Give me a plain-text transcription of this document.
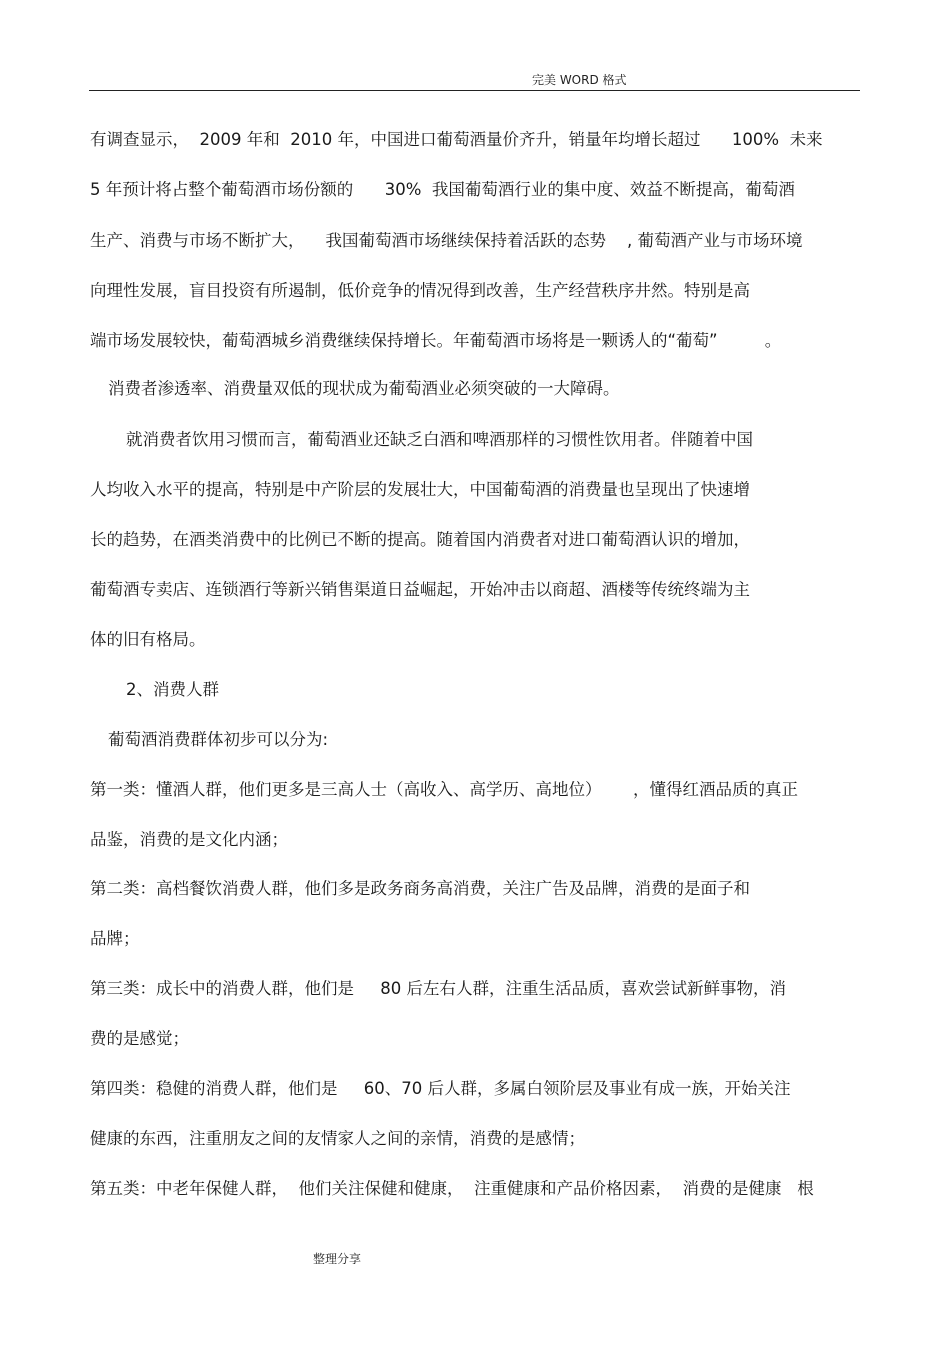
完美 WORD 格式
有调查显示，  2009 年和  2010 年，中国进口葡萄酒量价齐升，销量年均增长超过      100%  未来
5 年预计将占整个葡萄酒市场份额的      30%  我国葡萄酒行业的集中度、效益不断提高，葡萄酒
生产、消费与市场不断扩大，    我国葡萄酒市场继续保持着活跃的态势    , 葡萄酒产业与市场环境
向理性发展，盲目投资有所遏制，低价竞争的情况得到改善，生产经营秩序井然。特别是高
端市场发展较快，葡萄酒城乡消费继续保持增长。年葡萄酒市场将是一颗诱人的“葡萄”         。
消费者渗透率、消费量双低的现状成为葡萄酒业必须突破的一大障碍。
就消费者饮用习惯而言，葡萄酒业还缺乏白酒和啤酒那样的习惯性饮用者。伴随着中国
人均收入水平的提高，特别是中产阶层的发展壮大，中国葡萄酒的消费量也呈现出了快速增
长的趋势，在酒类消费中的比例已不断的提高。随着国内消费者对进口葡萄酒认识的增加，
葡萄酒专卖店、连锁酒行等新兴销售渠道日益崛起，开始冲击以商超、酒楼等传统终端为主
体的旧有格局。
2、消费人群
葡萄酒消费群体初步可以分为:
第一类：懂酒人群，他们更多是三高人士（高收入、高学历、高地位）      ，懂得红酒品质的真正
品鉴，消费的是文化内涵；
第二类：高档餐饮消费人群，他们多是政务商务高消费，关注广告及品牌，消费的是面子和
品牌；
第三类：成长中的消费人群，他们是     80 后左右人群，注重生活品质，喜欢尝试新鲜事物，消
费的是感觉；
第四类：稳健的消费人群，他们是     60、70 后人群，多属白领阶层及事业有成一族，开始关注
健康的东西，注重朋友之间的友情家人之间的亲情，消费的是感情；
第五类：中老年保健人群，  他们关注保健和健康，  注重健康和产品价格因素，  消费的是健康   根
整理分享
